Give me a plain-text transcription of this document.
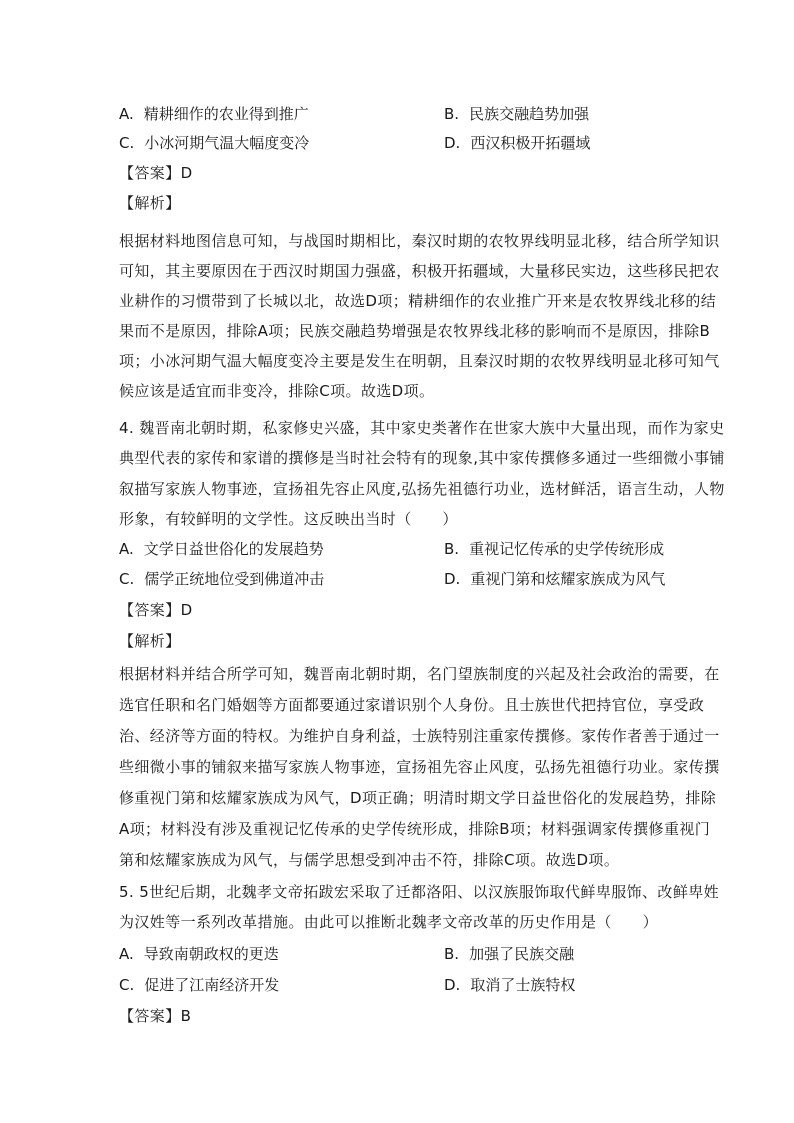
A. 精耕细作的农业得到推广	B. 民族交融趋势加强
C. 小冰河期气温大幅度变冷	D. 西汉积极开拓疆域
【答案】D
【解析】
根据材料地图信息可知，与战国时期相比，秦汉时期的农牧界线明显北移，结合所学知识
可知，其主要原因在于西汉时期国力强盛，积极开拓疆域，大量移民实边，这些移民把农
业耕作的习惯带到了长城以北，故选D项；精耕细作的农业推广开来是农牧界线北移的结
果而不是原因，排除A项；民族交融趋势增强是农牧界线北移的影响而不是原因，排除B
项；小冰河期气温大幅度变冷主要是发生在明朝，且秦汉时期的农牧界线明显北移可知气
候应该是适宜而非变冷，排除C项。故选D项。
4. 魏晋南北朝时期，私家修史兴盛，其中家史类著作在世家大族中大量出现，而作为家史
典型代表的家传和家谱的撰修是当时社会特有的现象,其中家传撰修多通过一些细微小事铺
叙描写家族人物事迹，宣扬祖先容止风度,弘扬先祖德行功业，选材鲜活，语言生动，人物
形象，有较鲜明的文学性。这反映出当时（　　）
A. 文学日益世俗化的发展趋势	B. 重视记忆传承的史学传统形成
C. 儒学正统地位受到佛道冲击	D. 重视门第和炫耀家族成为风气
【答案】D
【解析】
根据材料并结合所学可知，魏晋南北朝时期，名门望族制度的兴起及社会政治的需要，在
选官任职和名门婚姻等方面都要通过家谱识别个人身份。且士族世代把持官位，享受政
治、经济等方面的特权。为维护自身利益，士族特别注重家传撰修。家传作者善于通过一
些细微小事的铺叙来描写家族人物事迹，宣扬祖先容止风度，弘扬先祖德行功业。家传撰
修重视门第和炫耀家族成为风气，D项正确；明清时期文学日益世俗化的发展趋势，排除
A项；材料没有涉及重视记忆传承的史学传统形成，排除B项；材料强调家传撰修重视门
第和炫耀家族成为风气，与儒学思想受到冲击不符，排除C项。故选D项。
5. 5世纪后期，北魏孝文帝拓跋宏采取了迁都洛阳、以汉族服饰取代鲜卑服饰、改鲜卑姓
为汉姓等一系列改革措施。由此可以推断北魏孝文帝改革的历史作用是（　　）
A. 导致南朝政权的更迭	B. 加强了民族交融
C. 促进了江南经济开发	D. 取消了士族特权
【答案】B
